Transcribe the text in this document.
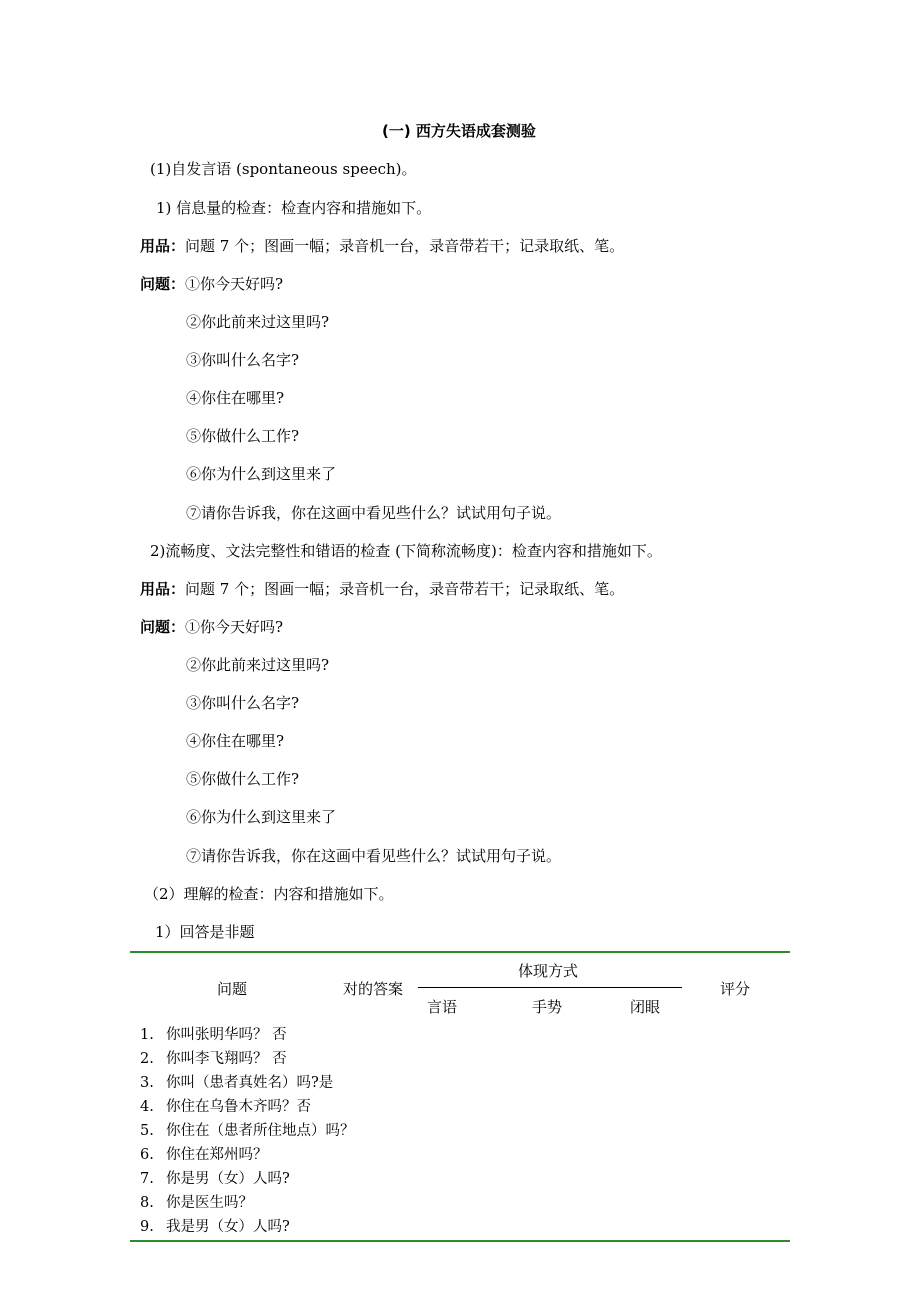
(一) 西方失语成套测验
(1)自发言语 (spontaneous speech)。
1) 信息量的检查：检查内容和措施如下。
用品：问题 7 个；图画一幅；录音机一台，录音带若干；记录取纸、笔。
问题：①你今天好吗?
②你此前来过这里吗?
③你叫什么名字?
④你住在哪里?
⑤你做什么工作?
⑥你为什么到这里来了
⑦请你告诉我，你在这画中看见些什么？试试用句子说。
2)流畅度、文法完整性和错语的检查 (下简称流畅度)：检查内容和措施如下。
用品：问题 7 个；图画一幅；录音机一台，录音带若干；记录取纸、笔。
问题：①你今天好吗?
②你此前来过这里吗?
③你叫什么名字?
④你住在哪里?
⑤你做什么工作?
⑥你为什么到这里来了
⑦请你告诉我，你在这画中看见些什么？试试用句子说。
（2）理解的检查：内容和措施如下。
1）回答是非题
问题	对的答案
体现方式
言语	手势	闭眼
评分
1. 你叫张明华吗？ 否
2. 你叫李飞翔吗？ 否
3. 你叫（患者真姓名）吗?是
4. 你住在乌鲁木齐吗？否
5. 你住在（患者所住地点）吗？
6. 你住在郑州吗？
7. 你是男（女）人吗?
8. 你是医生吗？
9. 我是男（女）人吗?
